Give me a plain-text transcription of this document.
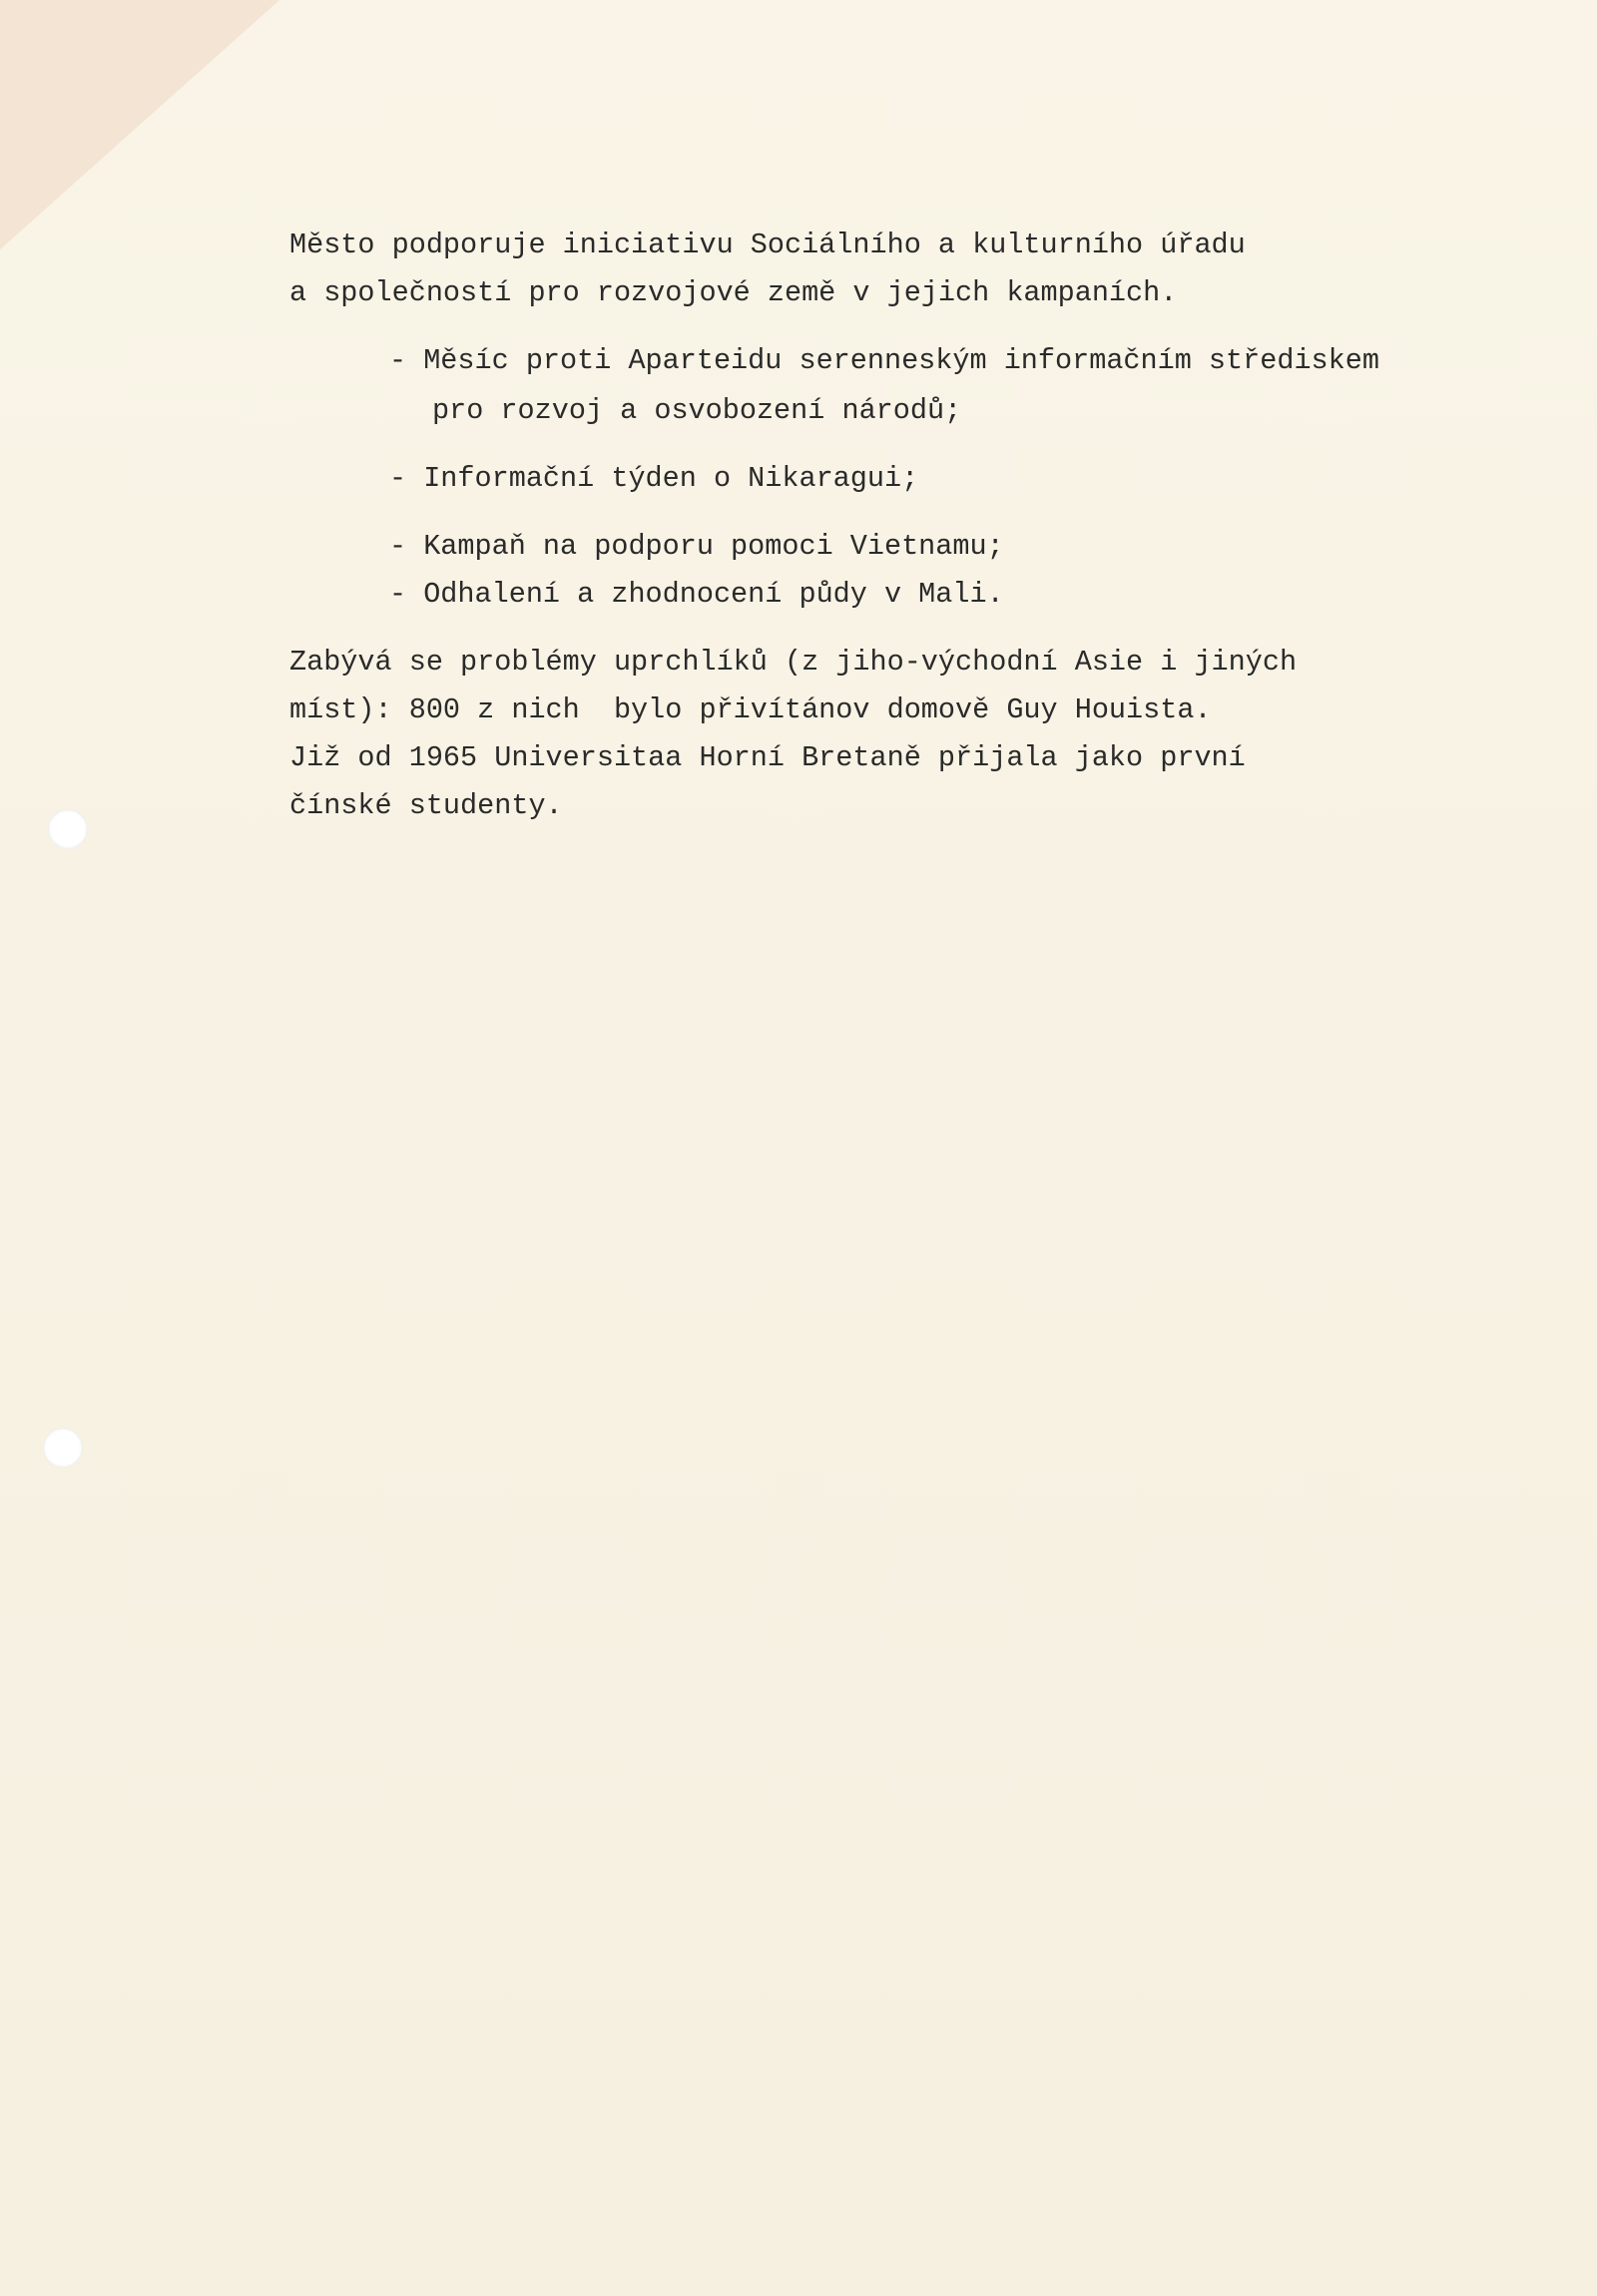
Město podporuje iniciativu Sociálního a kulturního úřadu

a společností pro rozvojové země v jejich kampaních.

- Měsíc proti Aparteidu serenneským informačním střediskem

pro rozvoj a osvobození národů;

- Informační týden o Nikaragui;

- Kampaň na podporu pomoci Vietnamu;

- Odhalení a zhodnocení půdy v Mali.

Zabývá se problémy uprchlíků (z jiho-východní Asie i jiných

míst): 800 z nich  bylo přivítánov domově Guy Houista.

Již od 1965 Universitaa Horní Bretaně přijala jako první

čínské studenty.
